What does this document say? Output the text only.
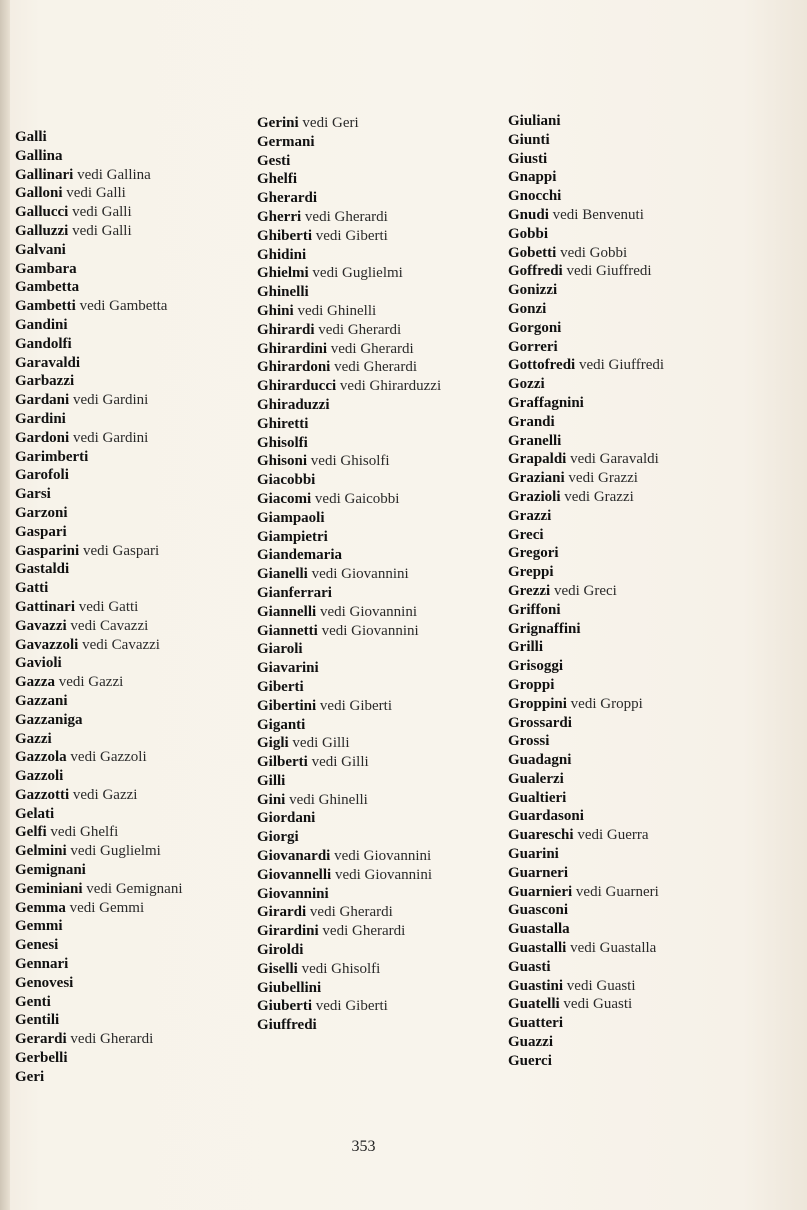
Galli
Gallina
Gallinari vedi Gallina
Galloni vedi Galli
Gallucci vedi Galli
Galluzzi vedi Galli
Galvani
Gambara
Gambetta
Gambetti vedi Gambetta
Gandini
Gandolfi
Garavaldi
Garbazzi
Gardani vedi Gardini
Gardini
Gardoni vedi Gardini
Garimberti
Garofoli
Garsi
Garzoni
Gaspari
Gasparini vedi Gaspari
Gastaldi
Gatti
Gattinari vedi Gatti
Gavazzi vedi Cavazzi
Gavazzoli vedi Cavazzi
Gavioli
Gazza vedi Gazzi
Gazzani
Gazzaniga
Gazzi
Gazzola vedi Gazzoli
Gazzoli
Gazzotti vedi Gazzi
Gelati
Gelfi vedi Ghelfi
Gelmini vedi Guglielmi
Gemignani
Geminiani vedi Gemignani
Gemma vedi Gemmi
Gemmi
Genesi
Gennari
Genovesi
Genti
Gentili
Gerardi vedi Gherardi
Gerbelli
Geri
Gerini vedi Geri
Germani
Gesti
Ghelfi
Gherardi
Gherri vedi Gherardi
Ghiberti vedi Giberti
Ghidini
Ghielmi vedi Guglielmi
Ghinelli
Ghini vedi Ghinelli
Ghirardi vedi Gherardi
Ghirardini vedi Gherardi
Ghirardoni vedi Gherardi
Ghirarducci vedi Ghirarduzzi
Ghiraduzzi
Ghiretti
Ghisolfi
Ghisoni vedi Ghisolfi
Giacobbi
Giacomi vedi Gaicobbi
Giampaoli
Giampietri
Giandemaria
Gianelli vedi Giovannini
Gianferrari
Giannelli vedi Giovannini
Giannetti vedi Giovannini
Giaroli
Giavarini
Giberti
Gibertini vedi Giberti
Giganti
Gigli vedi Gilli
Gilberti vedi Gilli
Gilli
Gini vedi Ghinelli
Giordani
Giorgi
Giovanardi vedi Giovannini
Giovannelli vedi Giovannini
Giovannini
Girardi vedi Gherardi
Girardini vedi Gherardi
Giroldi
Giselli vedi Ghisolfi
Giubellini
Giuberti vedi Giberti
Giuffredi
Giuliani
Giunti
Giusti
Gnappi
Gnocchi
Gnudi vedi Benvenuti
Gobbi
Gobetti vedi Gobbi
Goffredi vedi Giuffredi
Gonizzi
Gonzi
Gorgoni
Gorreri
Gottofredi vedi Giuffredi
Gozzi
Graffagnini
Grandi
Granelli
Grapaldi vedi Garavaldi
Graziani vedi Grazzi
Grazioli vedi Grazzi
Grazzi
Greci
Gregori
Greppi
Grezzi vedi Greci
Griffoni
Grignaffini
Grilli
Grisoggi
Groppi
Groppini vedi Groppi
Grossardi
Grossi
Guadagni
Gualerzi
Gualtieri
Guardasoni
Guareschi vedi Guerra
Guarini
Guarneri
Guarnieri vedi Guarneri
Guasconi
Guastalla
Guastalli vedi Guastalla
Guasti
Guastini vedi Guasti
Guatelli vedi Guasti
Guatteri
Guazzi
Guerci
353
